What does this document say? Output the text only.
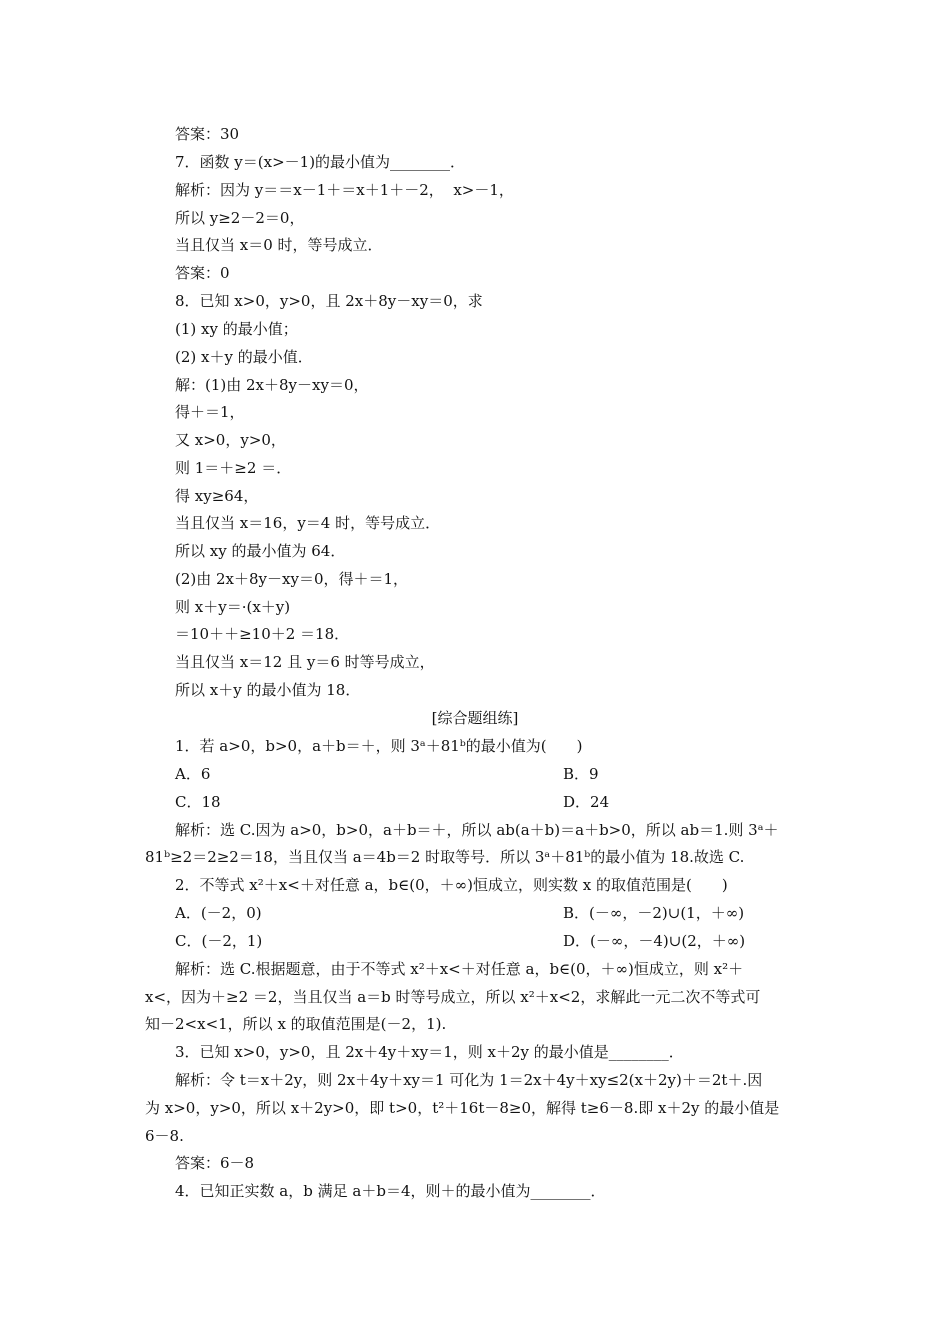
答案：30
7．函数 y＝(x>－1)的最小值为________．
解析：因为 y＝＝x－1＋＝x＋1＋－2，  x>－1，
所以 y≥2－2＝0，
当且仅当 x＝0 时，等号成立．
答案：0
8．已知 x>0，y>0，且 2x＋8y－xy＝0，求
(1) xy 的最小值；
(2) x＋y 的最小值．
解：(1)由 2x＋8y－xy＝0，
得＋＝1，
又 x>0，y>0，
则 1＝＋≥2 ＝．
得 xy≥64，
当且仅当 x＝16，y＝4 时，等号成立．
所以 xy 的最小值为 64．
(2)由 2x＋8y－xy＝0，得＋＝1，
则 x＋y＝·(x＋y)
＝10＋＋≥10＋2 ＝18．
当且仅当 x＝12 且 y＝6 时等号成立，
所以 x＋y 的最小值为 18．
[综合题组练]
1．若 a>0，b>0，a＋b＝＋，则 3ᵃ＋81ᵇ的最小值为(　　)
A．6	B．9
C．18	D．24
解析：选 C.因为 a>0，b>0，a＋b＝＋，所以 ab(a＋b)＝a＋b>0，所以 ab＝1.则 3ᵃ＋
81ᵇ≥2＝2≥2＝18，当且仅当 a＝4b＝2 时取等号．所以 3ᵃ＋81ᵇ的最小值为 18.故选 C.
2．不等式 x²＋x<＋对任意 a，b∈(0，＋∞)恒成立，则实数 x 的取值范围是(　　)
A．(－2，0)	B．(－∞，－2)∪(1，＋∞)
C．(－2，1)	D．(－∞，－4)∪(2，＋∞)
解析：选 C.根据题意，由于不等式 x²＋x<＋对任意 a，b∈(0，＋∞)恒成立，则 x²＋
x<，因为＋≥2 ＝2，当且仅当 a＝b 时等号成立，所以 x²＋x<2，求解此一元二次不等式可
知－2<x<1，所以 x 的取值范围是(－2，1).
3．已知 x>0，y>0，且 2x＋4y＋xy＝1，则 x＋2y 的最小值是________．
解析：令 t＝x＋2y，则 2x＋4y＋xy＝1 可化为 1＝2x＋4y＋xy≤2(x＋2y)＋＝2t＋.因
为 x>0，y>0，所以 x＋2y>0，即 t>0，t²＋16t－8≥0，解得 t≥6－8.即 x＋2y 的最小值是
6－8.
答案：6－8
4．已知正实数 a，b 满足 a＋b＝4，则＋的最小值为________．
